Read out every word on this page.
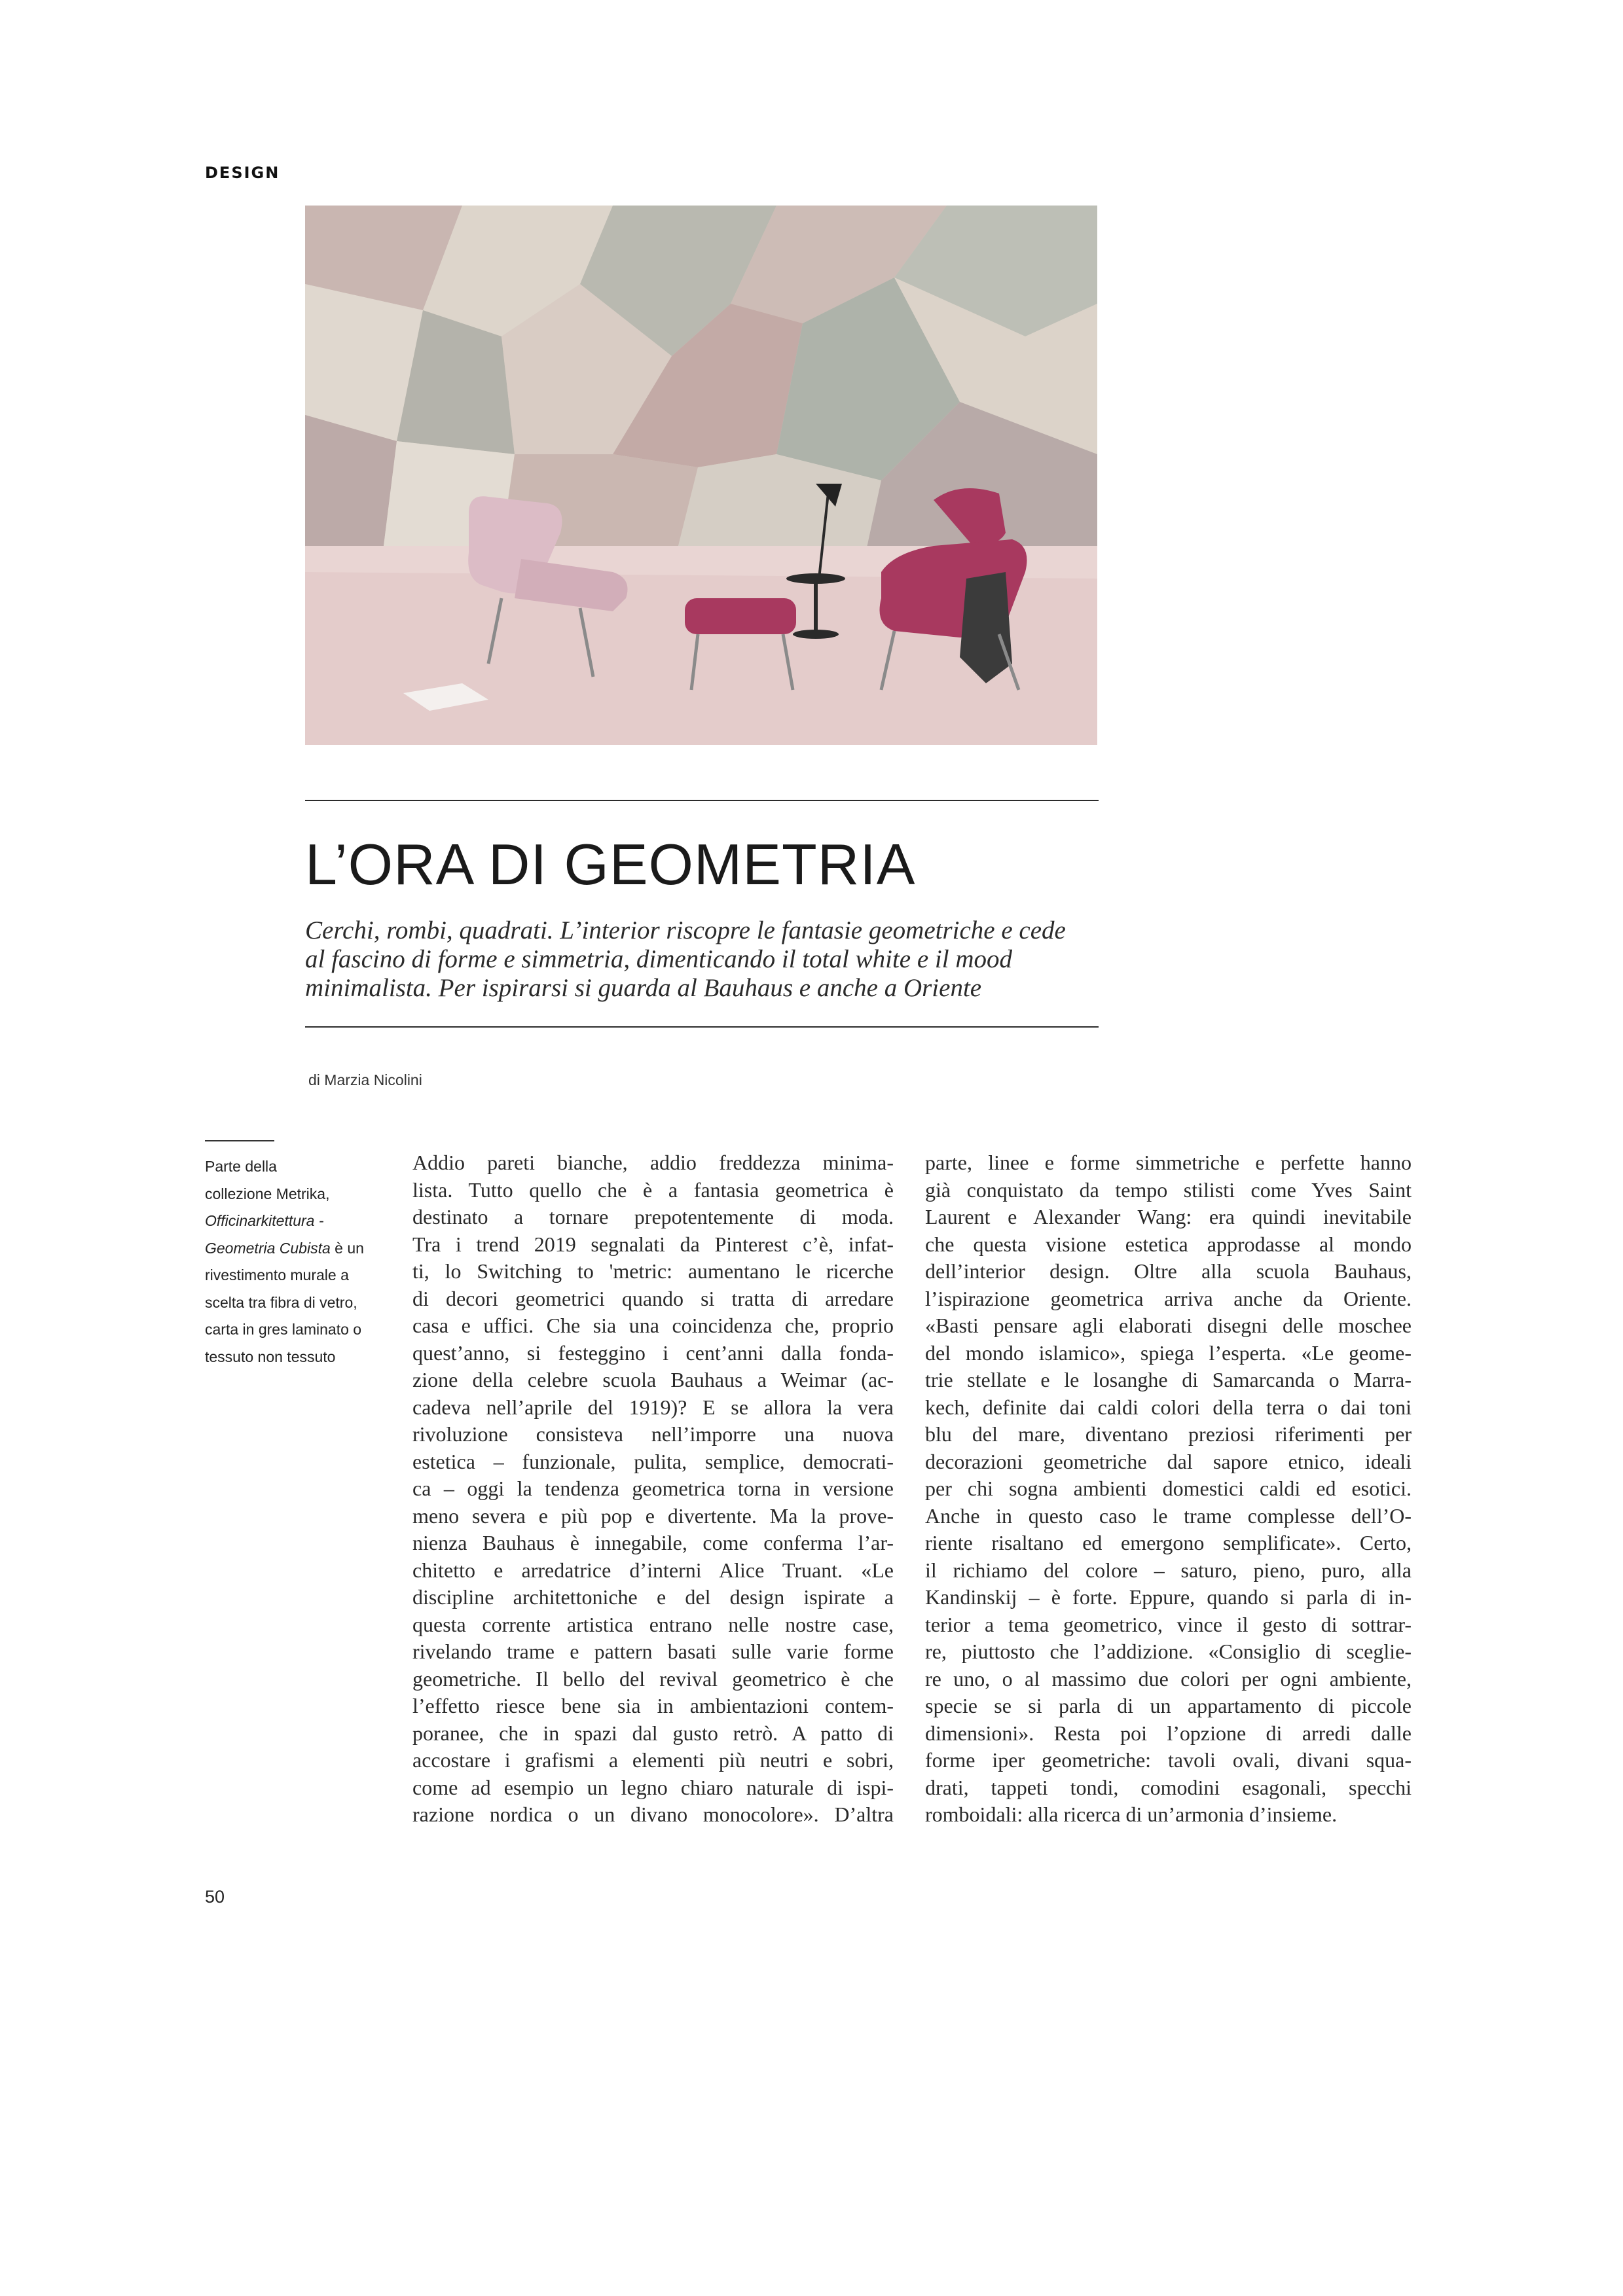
DESIGN
L’ORA DI GEOMETRIA
Cerchi, rombi, quadrati. L’interior riscopre le fantasie geometriche e cede
al fascino di forme e simmetria, dimenticando il total white e il mood
minimalista. Per ispirarsi si guarda al Bauhaus e anche a Oriente
di Marzia Nicolini
Parte della
collezione Metrika,
Officinarkitettura -
Geometria Cubista è un
rivestimento murale a
scelta tra fibra di vetro,
carta in gres laminato o
tessuto non tessuto
Addio pareti bianche, addio freddezza minima-
lista. Tutto quello che è a fantasia geometrica è
destinato a tornare prepotentemente di moda.
Tra i trend 2019 segnalati da Pinterest c’è, infat-
ti, lo Switching to 'metric: aumentano le ricerche
di decori geometrici quando si tratta di arredare
casa e uffici. Che sia una coincidenza che, proprio
quest’anno, si festeggino i cent’anni dalla fonda-
zione della celebre scuola Bauhaus a Weimar (ac-
cadeva nell’aprile del 1919)? E se allora la vera
rivoluzione consisteva nell’imporre una nuova
estetica – funzionale, pulita, semplice, democrati-
ca – oggi la tendenza geometrica torna in versione
meno severa e più pop e divertente. Ma la prove-
nienza Bauhaus è innegabile, come conferma l’ar-
chitetto e arredatrice d’interni Alice Truant. «Le
discipline architettoniche e del design ispirate a
questa corrente artistica entrano nelle nostre case,
rivelando trame e pattern basati sulle varie forme
geometriche. Il bello del revival geometrico è che
l’effetto riesce bene sia in ambientazioni contem-
poranee, che in spazi dal gusto retrò. A patto di
accostare i grafismi a elementi più neutri e sobri,
come ad esempio un legno chiaro naturale di ispi-
razione nordica o un divano monocolore». D’altra
parte, linee e forme simmetriche e perfette hanno
già conquistato da tempo stilisti come Yves Saint
Laurent e Alexander Wang: era quindi inevitabile
che questa visione estetica approdasse al mondo
dell’interior design. Oltre alla scuola Bauhaus,
l’ispirazione geometrica arriva anche da Oriente.
«Basti pensare agli elaborati disegni delle moschee
del mondo islamico», spiega l’esperta. «Le geome-
trie stellate e le losanghe di Samarcanda o Marra-
kech, definite dai caldi colori della terra o dai toni
blu del mare, diventano preziosi riferimenti per
decorazioni geometriche dal sapore etnico, ideali
per chi sogna ambienti domestici caldi ed esotici.
Anche in questo caso le trame complesse dell’O-
riente risaltano ed emergono semplificate». Certo,
il richiamo del colore – saturo, pieno, puro, alla
Kandinskij – è forte. Eppure, quando si parla di in-
terior a tema geometrico, vince il gesto di sottrar-
re, piuttosto che l’addizione. «Consiglio di sceglie-
re uno, o al massimo due colori per ogni ambiente,
specie se si parla di un appartamento di piccole
dimensioni». Resta poi l’opzione di arredi dalle
forme iper geometriche: tavoli ovali, divani squa-
drati, tappeti tondi, comodini esagonali, specchi
romboidali: alla ricerca di un’armonia d’insieme.
50
